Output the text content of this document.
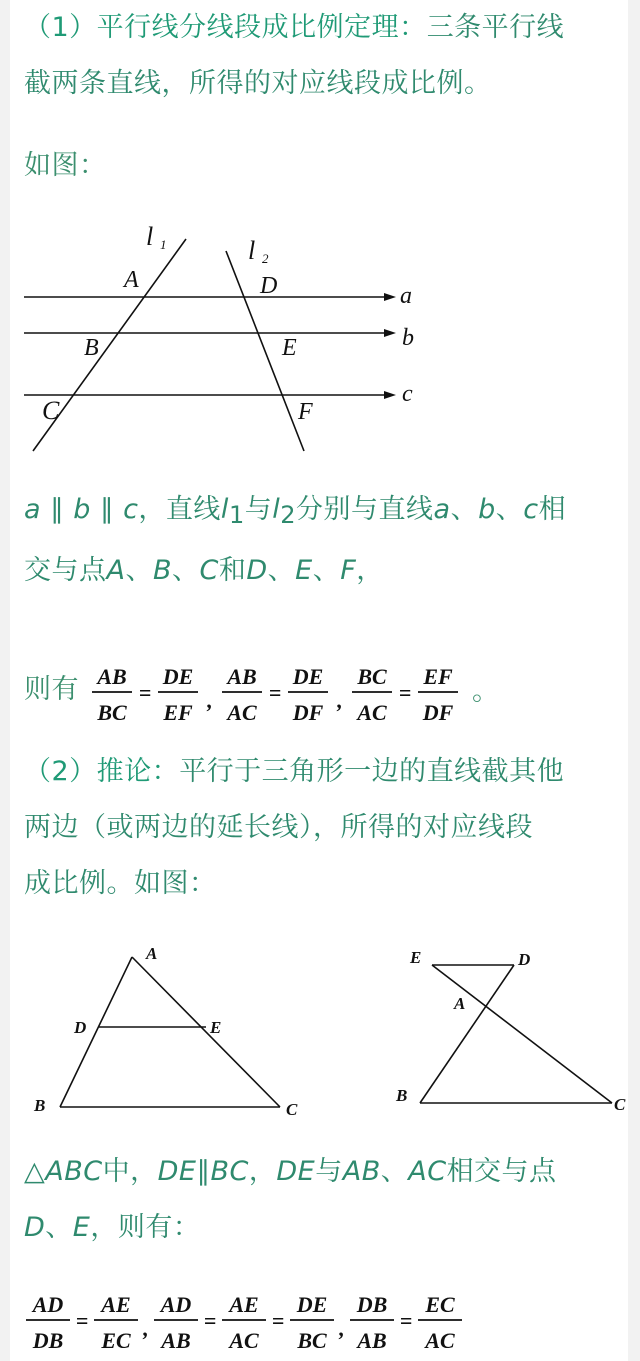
（1）平行线分线段成比例定理：三条平行线
截两条直线，所得的对应线段成比例。
如图：
l 1	l 2
a
b
c
A
B
C
D
E
F
a ∥ b ∥ c，直线l1与l2分别与直线a、b、c相
交与点A、B、C和D、E、F，
则有 AB
BC
=
DE
EF ,
AB
AC
=
DE
DF ,
BC
AC
=
EF
DF
。
（2）推论：平行于三角形一边的直线截其他
两边（或两边的延长线），所得的对应线段
成比例。如图：
A
D	E
B	C
E	D
A
B	C
△ABC中，DE∥BC，DE与AB、AC相交与点
D、E，则有：
AD
DB
=
AE
EC ,
AD
AB
=
AE
AC
=
DE
BC ,
DB
AB
=
EC
AC
